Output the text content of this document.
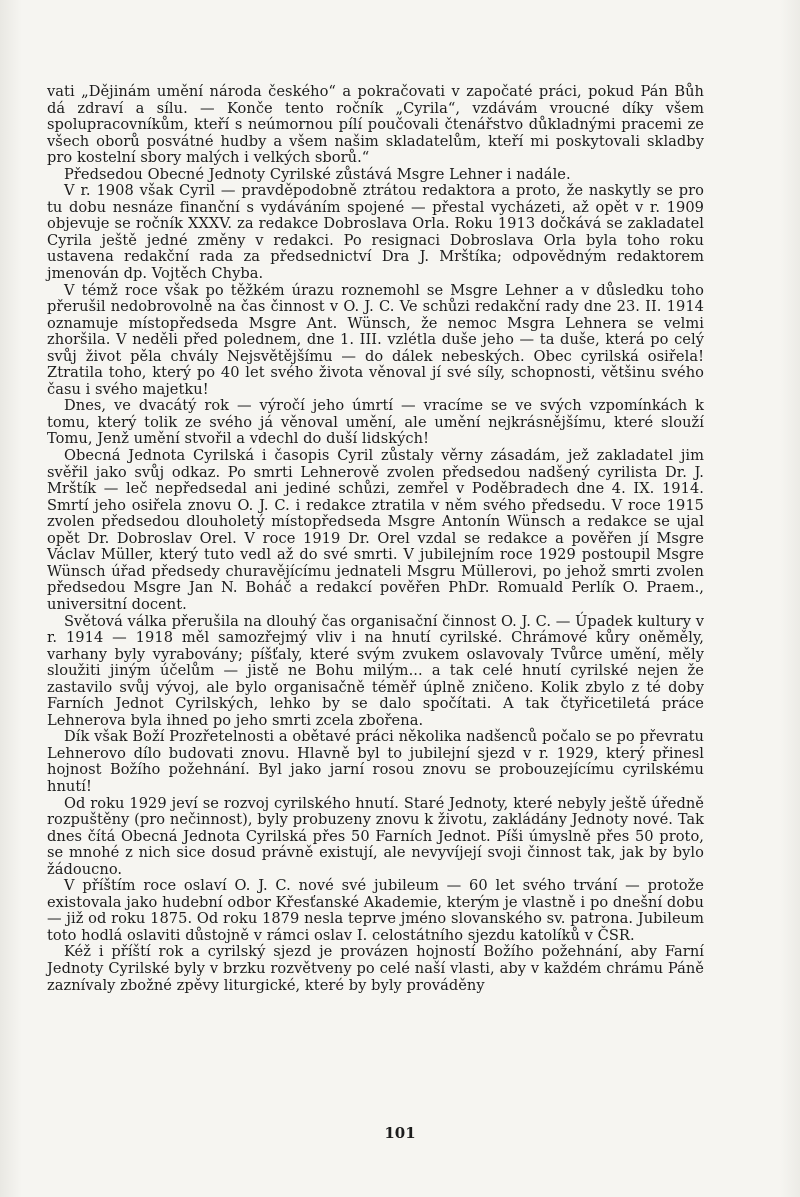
vati „Dějinám umění národa českého“ a pokračovati v započaté práci, pokud Pán Bůh dá zdraví a sílu. — Konče tento ročník „Cyrila“, vzdávám vroucné díky všem spolupracovníkům, kteří s neúmornou pílí poučovali čtenářstvo důkladnými pracemi ze všech oborů posvátné hudby a všem našim skladatelům, kteří mi poskytovali skladby pro kostelní sbory malých i velkých sborů.“

Předsedou Obecné Jednoty Cyrilské zůstává Msgre Lehner i nadále.

V r. 1908 však Cyril — pravděpodobně ztrátou redaktora a proto, že naskytly se pro tu dobu nesnáze finanční s vydáváním spojené — přestal vycházeti, až opět v r. 1909 objevuje se ročník XXXV. za redakce Dobroslava Orla. Roku 1913 dočkává se zakladatel Cyrila ještě jedné změny v redakci. Po resignaci Dobroslava Orla byla toho roku ustavena redakční rada za předsednictví Dra J. Mrštíka; odpovědným redaktorem jmenován dp. Vojtěch Chyba.

V témž roce však po těžkém úrazu roznemohl se Msgre Lehner a v důsledku toho přerušil nedobrovolně na čas činnost v O. J. C. Ve schůzi redakční rady dne 23. II. 1914 oznamuje místopředseda Msgre Ant. Wünsch, že nemoc Msgra Lehnera se velmi zhoršila. V neděli před polednem, dne 1. III. vzlétla duše jeho — ta duše, která po celý svůj život pěla chvály Nejsvětějšímu — do dálek nebeských. Obec cyrilská osiřela! Ztratila toho, který po 40 let svého života věnoval jí své síly, schopnosti, většinu svého času i svého majetku!

Dnes, ve dvacátý rok — výročí jeho úmrtí — vracíme se ve svých vzpomínkách k tomu, který tolik ze svého já věnoval umění, ale umění nejkrásnějšímu, které slouží Tomu, Jenž umění stvořil a vdechl do duší lidských!

Obecná Jednota Cyrilská i časopis Cyril zůstaly věrny zásadám, jež zakladatel jim svěřil jako svůj odkaz. Po smrti Lehnerově zvolen předsedou nadšený cyrilista Dr. J. Mrštík — leč nepředsedal ani jediné schůzi, zemřel v Poděbradech dne 4. IX. 1914. Smrtí jeho osiřela znovu O. J. C. i redakce ztratila v něm svého předsedu. V roce 1915 zvolen předsedou dlouholetý místopředseda Msgre Antonín Wünsch a redakce se ujal opět Dr. Dobroslav Orel. V roce 1919 Dr. Orel vzdal se redakce a pověřen jí Msgre Václav Müller, který tuto vedl až do své smrti. V jubilejním roce 1929 postoupil Msgre Wünsch úřad předsedy churavějícímu jednateli Msgru Müllerovi, po jehož smrti zvolen předsedou Msgre Jan N. Boháč a redakcí pověřen PhDr. Romuald Perlík O. Praem., universitní docent.

Světová válka přerušila na dlouhý čas organisační činnost O. J. C. — Úpadek kultury v r. 1914 — 1918 měl samozřejmý vliv i na hnutí cyrilské. Chrámové kůry oněměly, varhany byly vyrabovány; píšťaly, které svým zvukem oslavovaly Tvůrce umění, měly sloužiti jiným účelům — jistě ne Bohu milým... a tak celé hnutí cyrilské nejen že zastavilo svůj vývoj, ale bylo organisačně téměř úplně zničeno. Kolik zbylo z té doby Farních Jednot Cyrilských, lehko by se dalo spočítati. A tak čtyřicetiletá práce Lehnerova byla ihned po jeho smrti zcela zbořena.

Dík však Boží Prozřetelnosti a obětavé práci několika nadšenců počalo se po převratu Lehnerovo dílo budovati znovu. Hlavně byl to jubilejní sjezd v r. 1929, který přinesl hojnost Božího požehnání. Byl jako jarní rosou znovu se probouzejícímu cyrilskému hnutí!

Od roku 1929 jeví se rozvoj cyrilského hnutí. Staré Jednoty, které nebyly ještě úředně rozpuštěny (pro nečinnost), byly probuzeny znovu k životu, zakládány Jednoty nové. Tak dnes čítá Obecná Jednota Cyrilská přes 50 Farních Jednot. Píši úmyslně přes 50 proto, se mnohé z nich sice dosud právně existují, ale nevyvíjejí svoji činnost tak, jak by bylo žádoucno.

V příštím roce oslaví O. J. C. nové své jubileum — 60 let svého trvání — protože existovala jako hudební odbor Křesťanské Akademie, kterým je vlastně i po dnešní dobu — již od roku 1875. Od roku 1879 nesla teprve jméno slovanského sv. patrona. Jubileum toto hodlá oslaviti důstojně v rámci oslav I. celostátního sjezdu katolíků v ČSR.

Kéž i příští rok a cyrilský sjezd je provázen hojností Božího požehnání, aby Farní Jednoty Cyrilské byly v brzku rozvětveny po celé naší vlasti, aby v každém chrámu Páně zaznívaly zbožné zpěvy liturgické, které by byly prováděny

101
